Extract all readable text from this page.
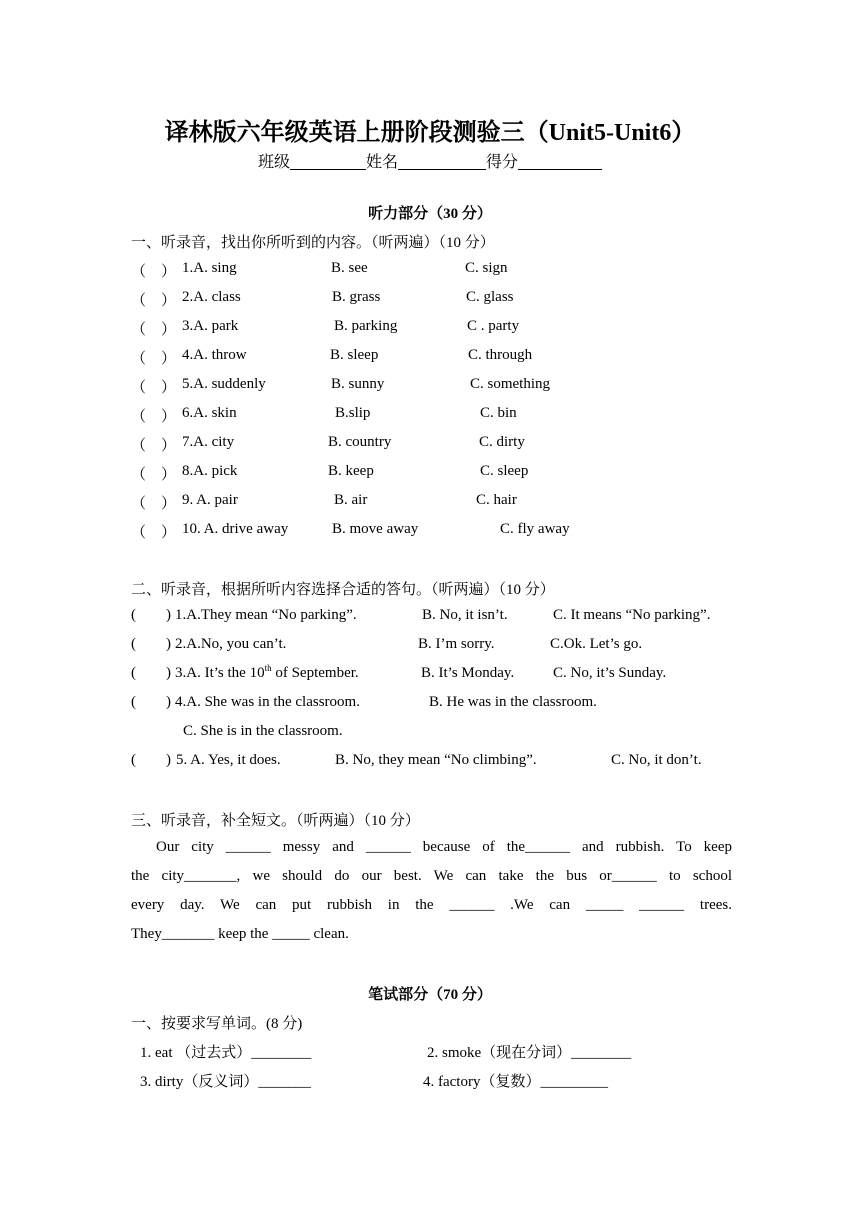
译林版六年级英语上册阶段测验三（Unit5-Unit6）
班级	姓名	得分
听力部分（30 分）
一、听录音，找出你所听到的内容。（听两遍）（10 分）
（　） 1.A. sing	B. see	C. sign
（　） 2.A. class	B. grass	C. glass
（　） 3.A. park	B. parking	C . party
（　） 4.A. throw	B. sleep	C. through
（　） 5.A. suddenly	B. sunny	C. something
（　） 6.A. skin	B.slip	C. bin
（　） 7.A. city	B. country	C. dirty
（　） 8.A. pick	B. keep	C. sleep
（　） 9. A. pair	B. air	C. hair
（　） 10. A. drive away	B. move away	C. fly away
二、听录音，根据所听内容选择合适的答句。（听两遍）（10 分）
( ) 1.A.They mean “No parking”.	B. No, it isn’t.	C. It means “No parking”.
( ) 2.A.No, you can’t.	B. I’m sorry.	C.Ok. Let’s go.
( ) 3.A. It’s the 10th of September.	B. It’s Monday.	C. No, it’s Sunday.
( ) 4.A. She was in the classroom.	B. He was in the classroom.
C. She is in the classroom.
( ) 5. A. Yes, it does.	B. No, they mean “No climbing”.	C. No, it don’t.
三、听录音，补全短文。（听两遍）（10 分）
Our city ______ messy and ______ because of the______ and rubbish. To keep
the city_______, we should do our best. We can take the bus or______ to school
every day. We can put rubbish in the ______ .We can _____ ______ trees.
They_______ keep the _____ clean.
笔试部分（70 分）
一、按要求写单词。(8 分)
1. eat （过去式）________	2. smoke（现在分词）________
3. dirty（反义词）_______	4. factory（复数）_________
